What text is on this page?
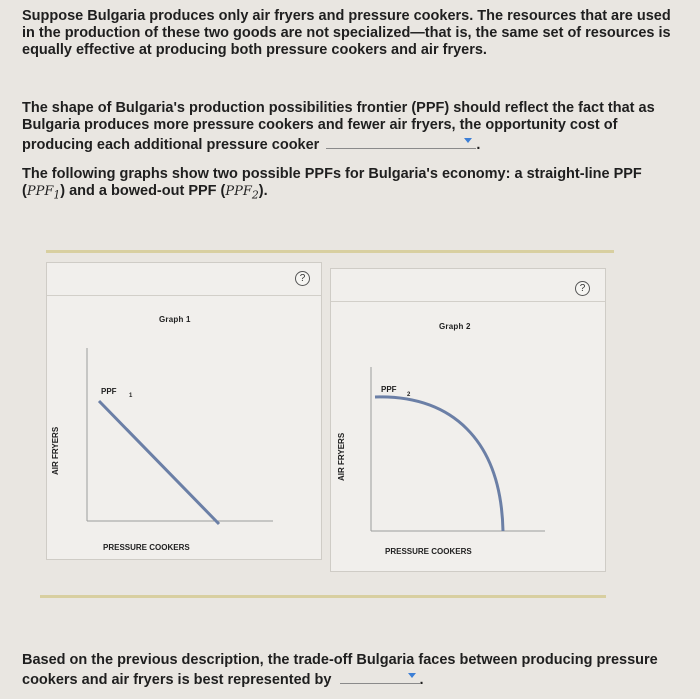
Suppose Bulgaria produces only air fryers and pressure cookers. The resources that are used in the production of these two goods are not specialized—that is, the same set of resources is equally effective at producing both pressure cookers and air fryers.
The shape of Bulgaria's production possibilities frontier (PPF) should reflect the fact that as Bulgaria produces more pressure cookers and fewer air fryers, the opportunity cost of producing each additional pressure cooker	.
The following graphs show two possible PPFs for Bulgaria's economy: a straight-line PPF $(PPF_1)$ and a bowed-out PPF $(PPF_2)$.
?
Graph 1
PPF 1
AIR FRYERS
PRESSURE COOKERS
?
Graph 2
PPF
2
AIR FRYERS
PRESSURE COOKERS
Based on the previous description, the trade-off Bulgaria faces between producing pressure cookers and air fryers is best represented by	.
